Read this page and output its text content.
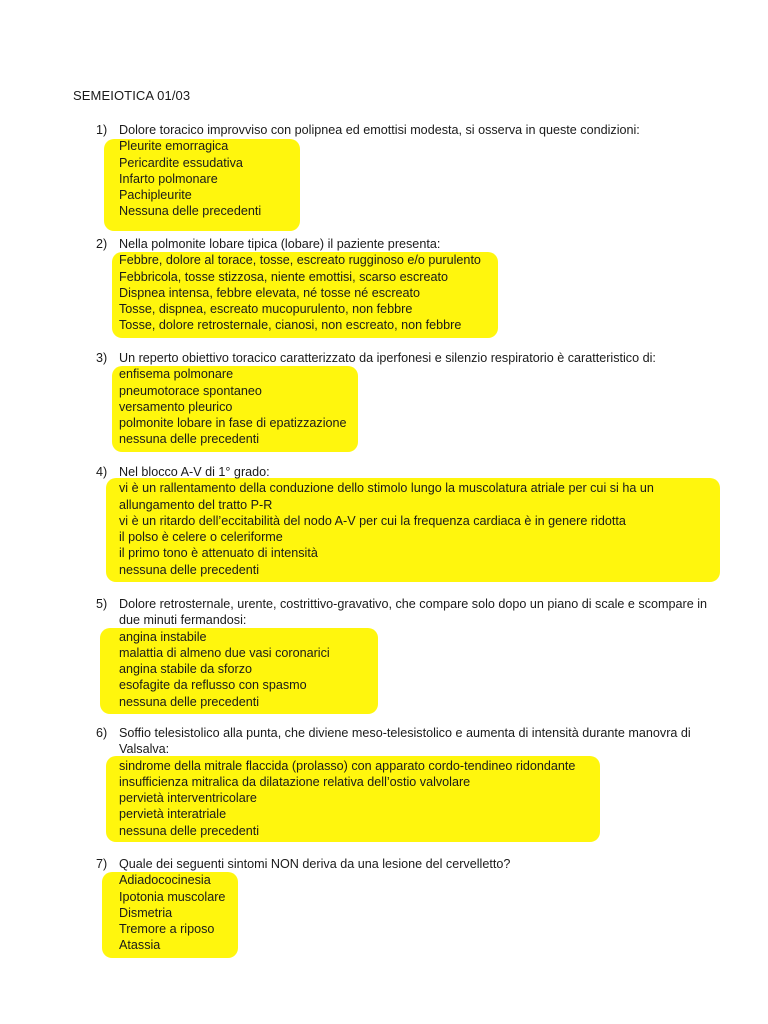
SEMEIOTICA 01/03
1) Dolore toracico improvviso con polipnea ed emottisi modesta, si osserva in queste condizioni:
Pleurite emorragica
Pericardite essudativa
Infarto polmonare
Pachipleurite
Nessuna delle precedenti
2) Nella polmonite lobare tipica (lobare) il paziente presenta:
Febbre, dolore al torace, tosse, escreato rugginoso e/o purulento
Febbricola, tosse stizzosa, niente emottisi, scarso escreato
Dispnea intensa, febbre elevata, né tosse né escreato
Tosse, dispnea, escreato mucopurulento, non febbre
Tosse, dolore retrosternale, cianosi, non escreato, non febbre
3) Un reperto obiettivo toracico caratterizzato da iperfonesi e silenzio respiratorio è caratteristico di:
enfisema polmonare
pneumotorace spontaneo
versamento pleurico
polmonite lobare in fase di epatizzazione
nessuna delle precedenti
4) Nel blocco A-V di 1° grado:
vi è un rallentamento della conduzione dello stimolo lungo la muscolatura atriale per cui si ha un
allungamento del tratto P-R
vi è un ritardo dell’eccitabilità del nodo A-V per cui la frequenza cardiaca è in genere ridotta
il polso è celere o celeriforme
il primo tono è attenuato di intensità
nessuna delle precedenti
5) Dolore retrosternale, urente, costrittivo-gravativo, che compare solo dopo un piano di scale e scompare in due minuti fermandosi:
angina instabile
malattia di almeno due vasi coronarici
angina stabile da sforzo
esofagite da reflusso con spasmo
nessuna delle precedenti
6) Soffio telesistolico alla punta, che diviene meso-telesistolico e aumenta di intensità durante manovra di Valsalva:
sindrome della mitrale flaccida (prolasso) con apparato cordo-tendineo ridondante
insufficienza mitralica da dilatazione relativa dell’ostio valvolare
pervietà interventricolare
pervietà interatriale
nessuna delle precedenti
7) Quale dei seguenti sintomi NON deriva da una lesione del cervelletto?
Adiadococinesia
Ipotonia muscolare
Dismetria
Tremore a riposo
Atassia
